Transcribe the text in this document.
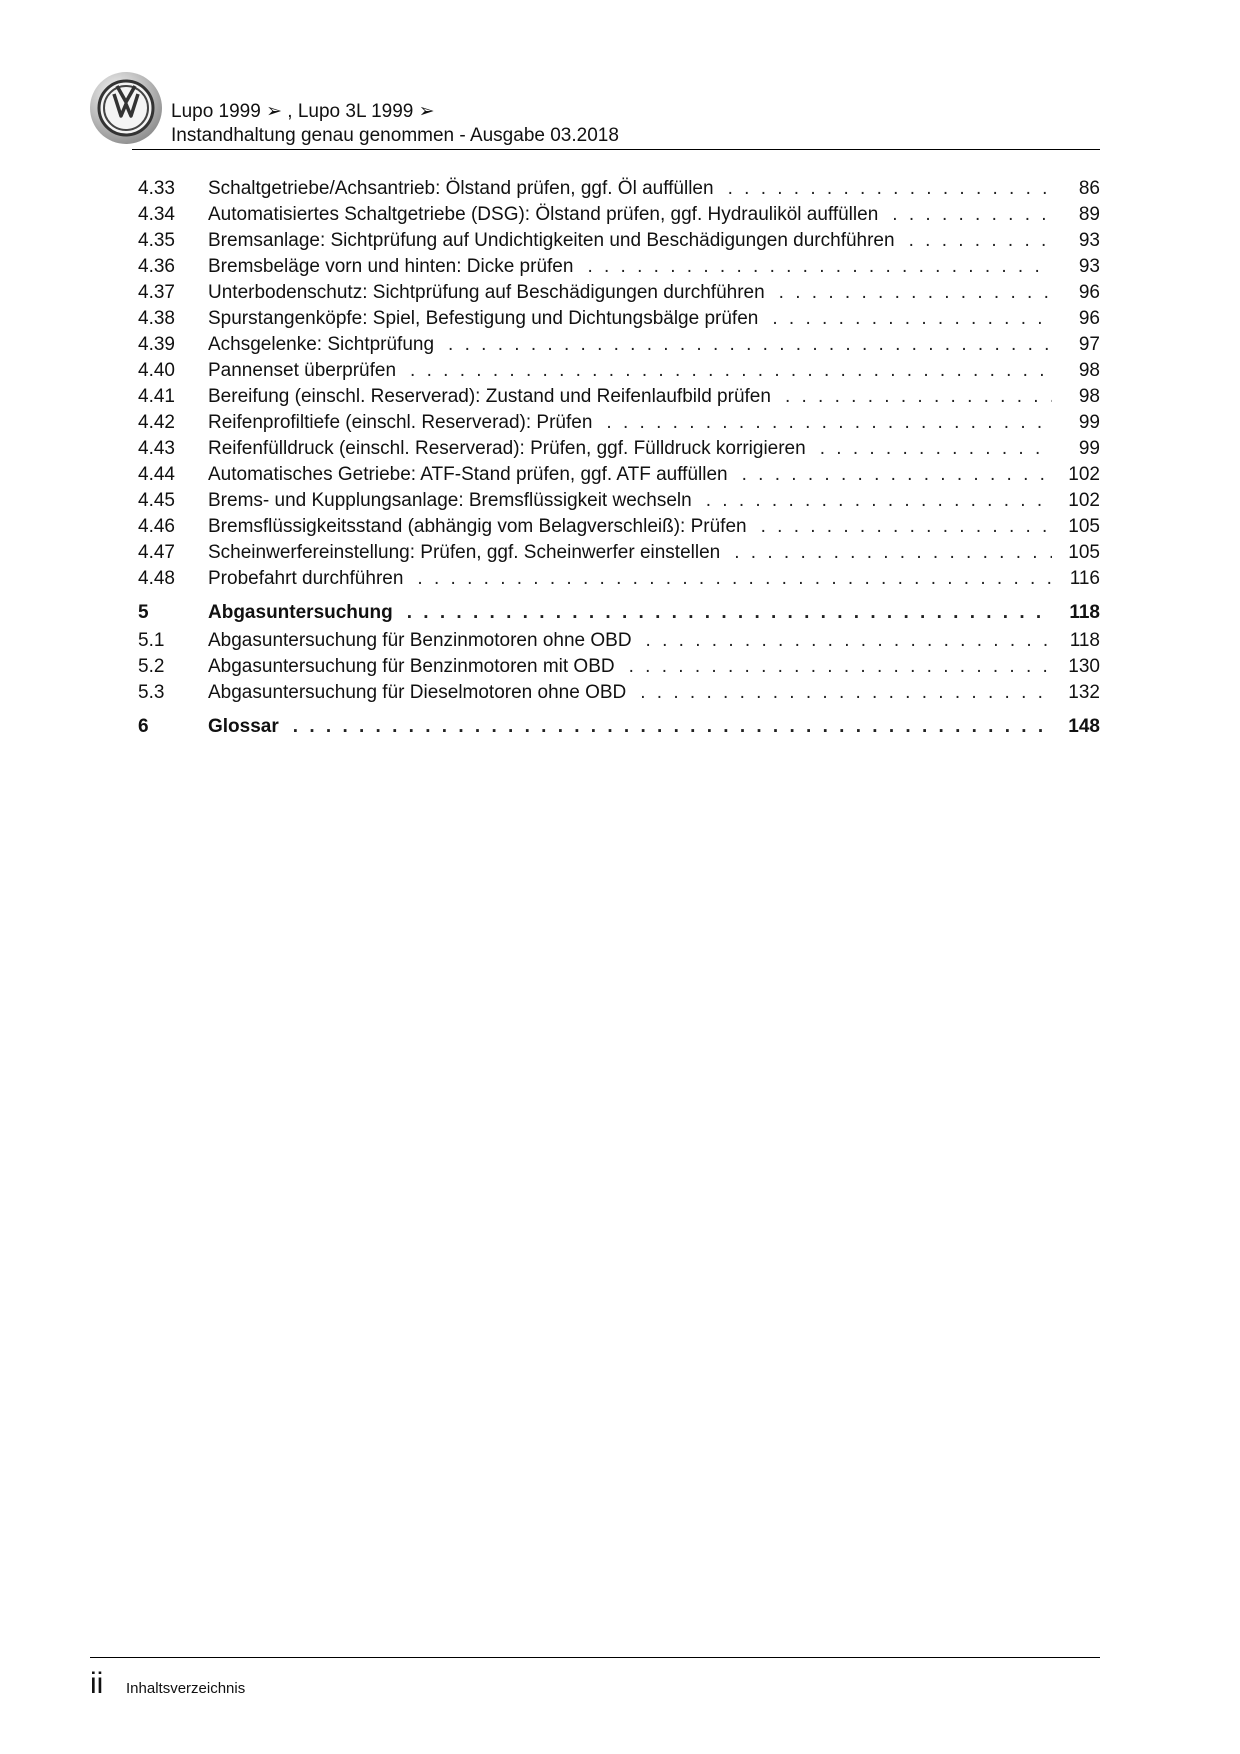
Lupo 1999 ➢ , Lupo 3L 1999 ➢
Instandhaltung genau genommen - Ausgabe 03.2018
4.33	Schaltgetriebe/Achsantrieb: Ölstand prüfen, ggf. Öl auffüllen . . .	86
4.34	Automatisiertes Schaltgetriebe (DSG): Ölstand prüfen, ggf. Hydrauliköl auffüllen . . .	89
4.35	Bremsanlage: Sichtprüfung auf Undichtigkeiten und Beschädigungen durchführen . . .	93
4.36	Bremsbeläge vorn und hinten: Dicke prüfen . . .	93
4.37	Unterbodenschutz: Sichtprüfung auf Beschädigungen durchführen . . .	96
4.38	Spurstangenköpfe: Spiel, Befestigung und Dichtungsbälge prüfen . . .	96
4.39	Achsgelenke: Sichtprüfung . . .	97
4.40	Pannenset überprüfen . . .	98
4.41	Bereifung (einschl. Reserverad): Zustand und Reifenlaufbild prüfen . . .	98
4.42	Reifenprofiltiefe (einschl. Reserverad): Prüfen . . .	99
4.43	Reifenfülldruck (einschl. Reserverad): Prüfen, ggf. Fülldruck korrigieren . . .	99
4.44	Automatisches Getriebe: ATF-Stand prüfen, ggf. ATF auffüllen . . .	102
4.45	Brems- und Kupplungsanlage: Bremsflüssigkeit wechseln . . .	102
4.46	Bremsflüssigkeitsstand (abhängig vom Belagverschleiß): Prüfen . . .	105
4.47	Scheinwerfereinstellung: Prüfen, ggf. Scheinwerfer einstellen . . .	105
4.48	Probefahrt durchführen . . .	116
5	Abgasuntersuchung . . .	118
5.1	Abgasuntersuchung für Benzinmotoren ohne OBD . . .	118
5.2	Abgasuntersuchung für Benzinmotoren mit OBD . . .	130
5.3	Abgasuntersuchung für Dieselmotoren ohne OBD . . .	132
6	Glossar . . .	148
ii Inhaltsverzeichnis
